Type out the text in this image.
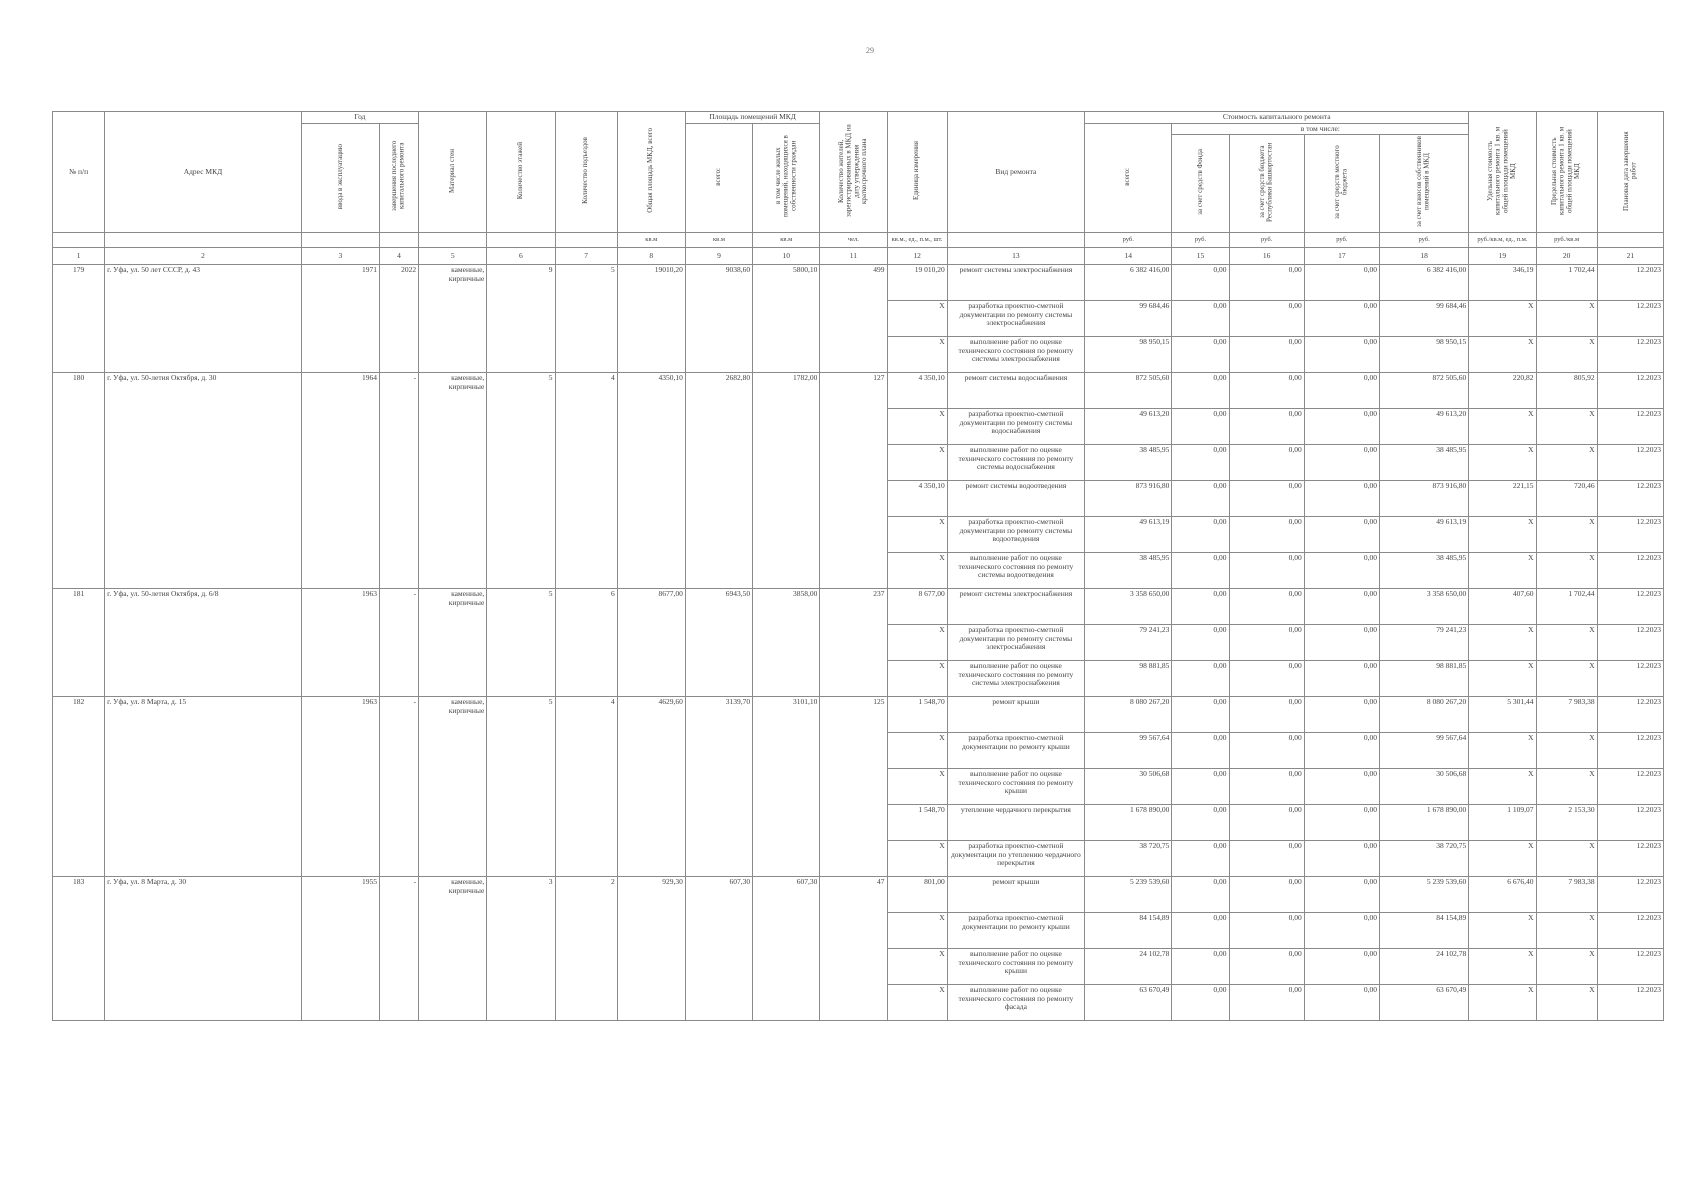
29
№ п/п	Адрес МКД	Год		Материал стен	Количество этажей	Количество подъездов	Общая площадь МКД, всего	Площадь помещений МКД		Количество жителей, зарегистрированных в МКД на дату утверждения краткосрочного плана	Единица измерения	Вид ремонта	Стоимость капитального ремонта					Удельная стоимость капитального ремонта 1 кв. м общей площади помещений МКД	Предельная стоимость капитального ремонта 1 кв. м общей площади помещений МКД	Плановая дата завершения работ
		ввода в эксплуатацию	завершения последнего капитального ремонта					всего:	в том числе жилых помещений, находящихся в собственности граждан				всего:	в том числе:						
														за счет средств Фонда	за счет средств бюджета Республики Башкортостан	за счет средств местного бюджета	за счет взносов собственников помещений в МКД			
							кв.м	кв.м	кв.м	чел.	кв.м., ед., п.м., шт.		руб.	руб.	руб.	руб.	руб.	руб./кв.м, ед., п.м.	руб./кв.м	
1	2	3	4	5	6	7	8	9	10	11	12	13	14	15	16	17	18	19	20	21
179	г. Уфа, ул. 50 лет СССР, д. 43	1971	2022	каменные, кирпичные	9	5	19010,20	9038,60	5800,10	499	19 010,20	ремонт системы электроснабжения	6 382 416,00	0,00	0,00	0,00	6 382 416,00	346,19	1 702,44	12.2023
											X	разработка проектно-сметной документации по ремонту системы электроснабжения	99 684,46	0,00	0,00	0,00	99 684,46	X	X	12.2023
											X	выполнение работ по оценке технического состояния по ремонту системы электроснабжения	98 950,15	0,00	0,00	0,00	98 950,15	X	X	12.2023
180	г. Уфа, ул. 50-летия Октября, д. 30	1964	-	каменные, кирпичные	5	4	4350,10	2682,80	1782,00	127	4 350,10	ремонт системы водоснабжения	872 505,60	0,00	0,00	0,00	872 505,60	220,82	805,92	12.2023
											X	разработка проектно-сметной документации по ремонту системы водоснабжения	49 613,20	0,00	0,00	0,00	49 613,20	X	X	12.2023
											X	выполнение работ по оценке технического состояния по ремонту системы водоснабжения	38 485,95	0,00	0,00	0,00	38 485,95	X	X	12.2023
											4 350,10	ремонт системы водоотведения	873 916,80	0,00	0,00	0,00	873 916,80	221,15	720,46	12.2023
											X	разработка проектно-сметной документации по ремонту системы водоотведения	49 613,19	0,00	0,00	0,00	49 613,19	X	X	12.2023
											X	выполнение работ по оценке технического состояния по ремонту системы водоотведения	38 485,95	0,00	0,00	0,00	38 485,95	X	X	12.2023
181	г. Уфа, ул. 50-летия Октября, д. 6/8	1963	-	каменные, кирпичные	5	6	8677,00	6943,50	3858,00	237	8 677,00	ремонт системы электроснабжения	3 358 650,00	0,00	0,00	0,00	3 358 650,00	407,60	1 702,44	12.2023
											X	разработка проектно-сметной документации по ремонту системы электроснабжения	79 241,23	0,00	0,00	0,00	79 241,23	X	X	12.2023
											X	выполнение работ по оценке технического состояния по ремонту системы электроснабжения	98 881,85	0,00	0,00	0,00	98 881,85	X	X	12.2023
182	г. Уфа, ул. 8 Марта, д. 15	1963	-	каменные, кирпичные	5	4	4629,60	3139,70	3101,10	125	1 548,70	ремонт крыши	8 080 267,20	0,00	0,00	0,00	8 080 267,20	5 301,44	7 983,38	12.2023
											X	разработка проектно-сметной документации по ремонту крыши	99 567,64	0,00	0,00	0,00	99 567,64	X	X	12.2023
											X	выполнение работ по оценке технического состояния по ремонту крыши	30 506,68	0,00	0,00	0,00	30 506,68	X	X	12.2023
											1 548,70	утепление чердачного перекрытия	1 678 890,00	0,00	0,00	0,00	1 678 890,00	1 109,07	2 153,30	12.2023
											X	разработка проектно-сметной документации по утеплению чердачного перекрытия	38 720,75	0,00	0,00	0,00	38 720,75	X	X	12.2023
183	г. Уфа, ул. 8 Марта, д. 30	1955	-	каменные, кирпичные	3	2	929,30	607,30	607,30	47	801,00	ремонт крыши	5 239 539,60	0,00	0,00	0,00	5 239 539,60	6 676,40	7 983,38	12.2023
											X	разработка проектно-сметной документации по ремонту крыши	84 154,89	0,00	0,00	0,00	84 154,89	X	X	12.2023
											X	выполнение работ по оценке технического состояния по ремонту крыши	24 102,78	0,00	0,00	0,00	24 102,78	X	X	12.2023
											X	выполнение работ по оценке технического состояния по ремонту фасада	63 670,49	0,00	0,00	0,00	63 670,49	X	X	12.2023
